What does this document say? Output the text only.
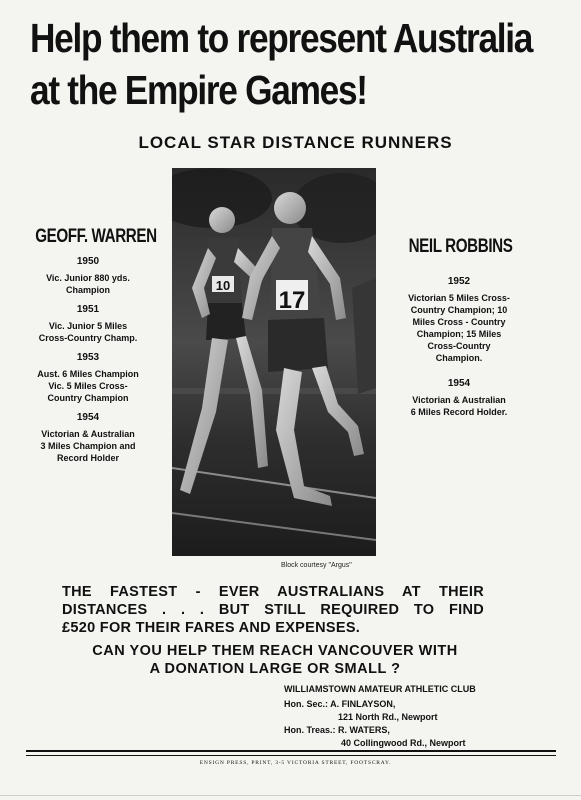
Help them to represent Australia
at the Empire Games!
LOCAL STAR DISTANCE RUNNERS
GEOFF. WARREN
1950
Vic. Junior 880 yds.
Champion
1951
Vic. Junior 5 Miles
Cross-Country Champ.
1953
Aust. 6 Miles Champion
Vic. 5 Miles Cross-
Country Champion
1954
Victorian & Australian
3 Miles Champion and
Record Holder
17
10
Block courtesy "Argus"
NEIL ROBBINS
1952
Victorian 5 Miles Cross-
Country Champion; 10
Miles Cross - Country
Champion; 15 Miles
Cross-Country
Champion.
1954
Victorian & Australian
6 Miles Record Holder.
THE FASTEST - EVER AUSTRALIANS AT THEIR
DISTANCES . . . BUT STILL REQUIRED TO FIND
£520 FOR THEIR FARES AND EXPENSES.
CAN YOU HELP THEM REACH VANCOUVER WITH
A DONATION LARGE OR SMALL ?
WILLIAMSTOWN AMATEUR ATHLETIC CLUB
Hon. Sec.: A. FINLAYSON,
121 North Rd., Newport
Hon. Treas.: R. WATERS,
40 Collingwood Rd., Newport
ENSIGN PRESS, PRINT, 3-5 VICTORIA STREET, FOOTSCRAY.
